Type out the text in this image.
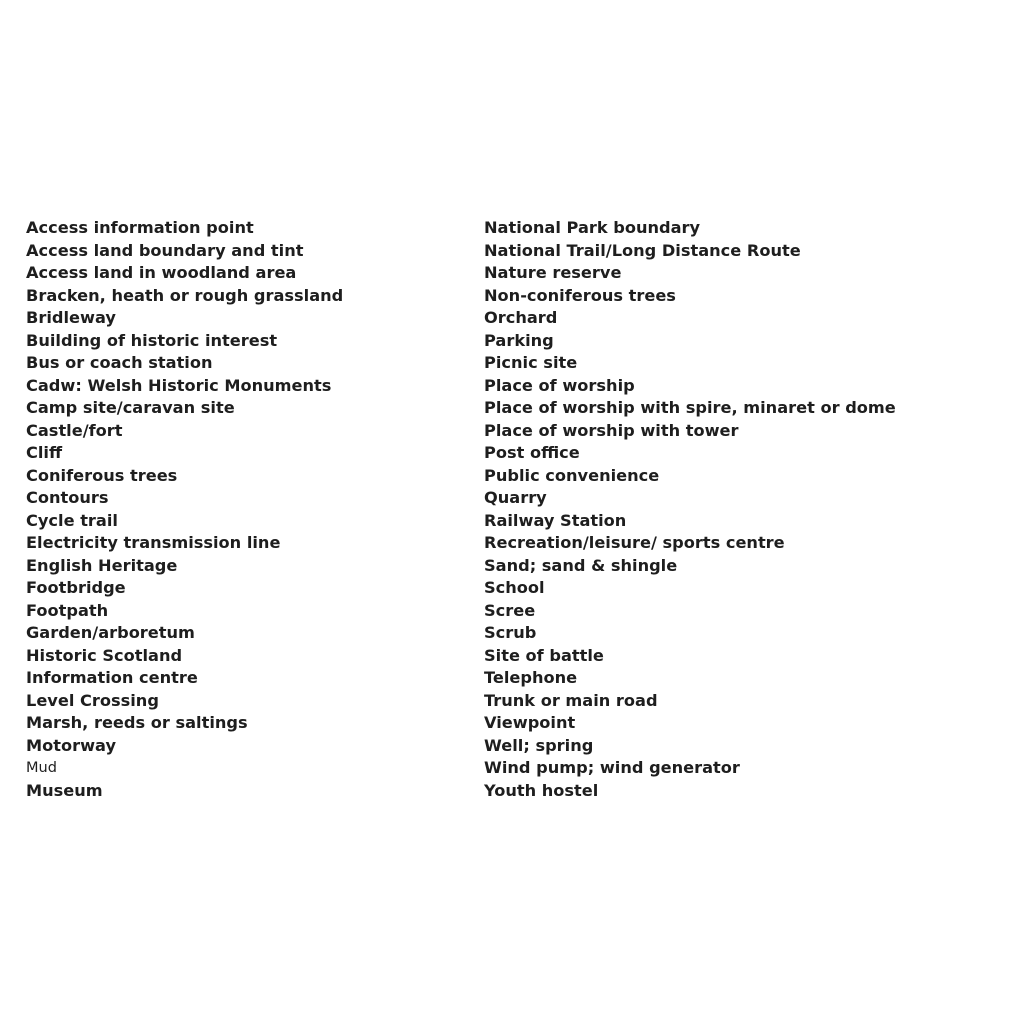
Access information point
Access land boundary and tint
Access land in woodland area
Bracken, heath or rough grassland
Bridleway
Building of historic interest
Bus or coach station
Cadw: Welsh Historic Monuments
Camp site/caravan site
Castle/fort
Cliff
Coniferous trees
Contours
Cycle trail
Electricity transmission line
English Heritage
Footbridge
Footpath
Garden/arboretum
Historic Scotland
Information centre
Level Crossing
Marsh, reeds or saltings
Motorway
Mud
Museum
National Park boundary
National Trail/Long Distance Route
Nature reserve
Non-coniferous trees
Orchard
Parking
Picnic site
Place of worship
Place of worship with spire, minaret or dome
Place of worship with tower
Post office
Public convenience
Quarry
Railway Station
Recreation/leisure/ sports centre
Sand; sand & shingle
School
Scree
Scrub
Site of battle
Telephone
Trunk or main road
Viewpoint
Well; spring
Wind pump; wind generator
Youth hostel
